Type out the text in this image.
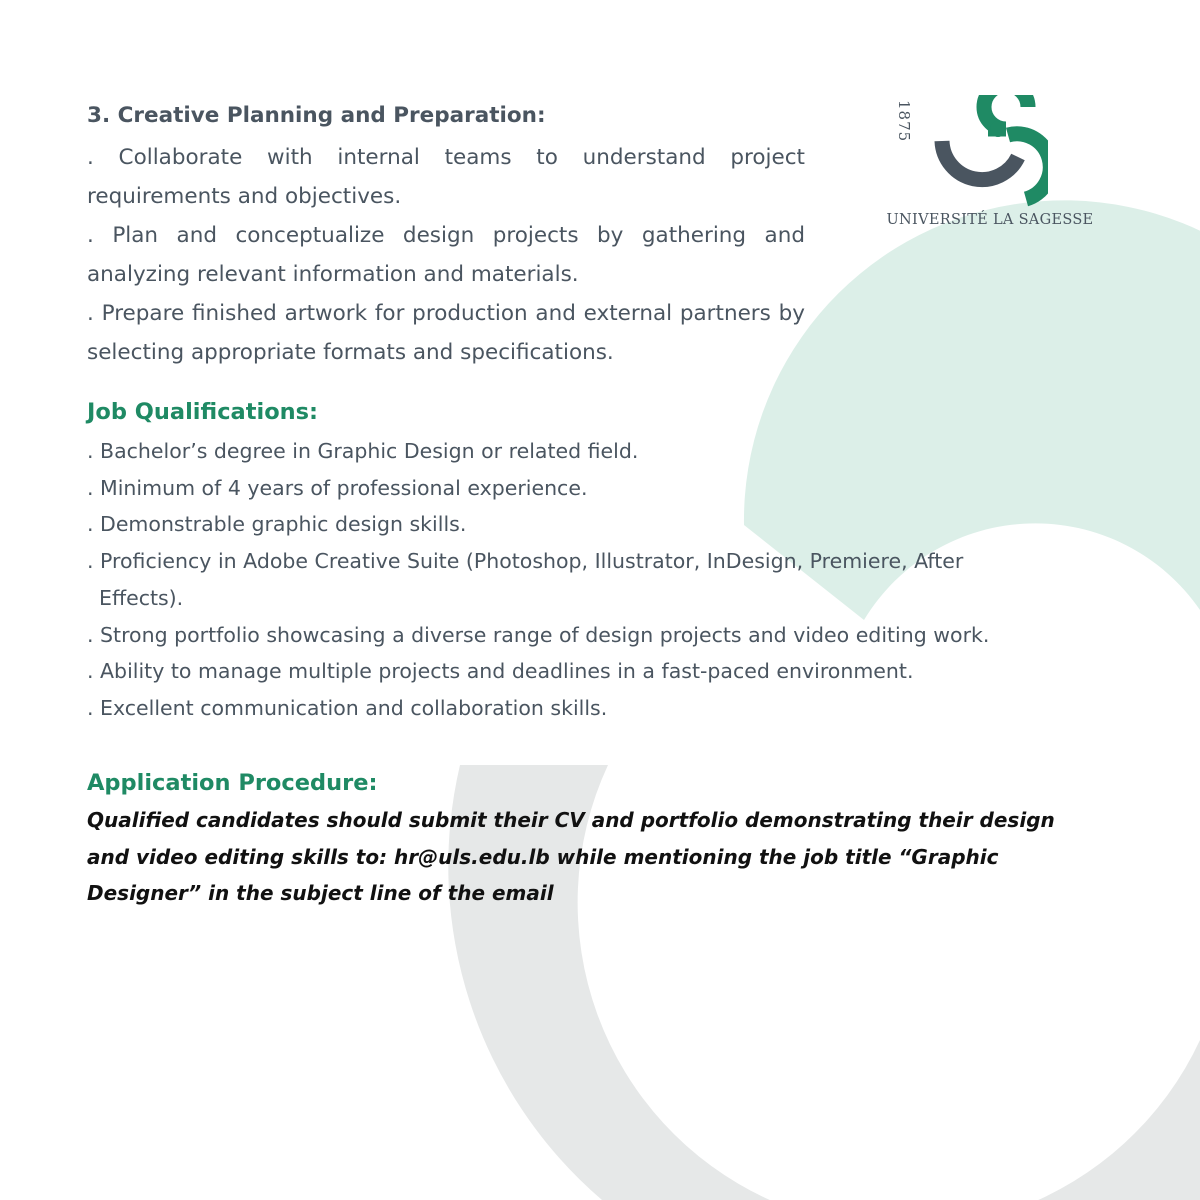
1875
UNIVERSITÉ LA SAGESSE
3. Creative Planning and Preparation:

. Collaborate with internal teams to understand project requirements and objectives.

. Plan and conceptualize design projects by gathering and analyzing relevant information and materials.

. Prepare finished artwork for production and external partners by selecting appropriate formats and specifications.

Job Qualifications:
. Bachelor’s degree in Graphic Design or related field.
. Minimum of 4 years of professional experience.
. Demonstrable graphic design skills.
. Proficiency in Adobe Creative Suite (Photoshop, Illustrator, InDesign, Premiere, After Effects).
. Strong portfolio showcasing a diverse range of design projects and video editing work.
. Ability to manage multiple projects and deadlines in a fast-paced environment.
. Excellent communication and collaboration skills.
Application Procedure:

Qualified candidates should submit their CV and portfolio demonstrating their design and video editing skills to: hr@uls.edu.lb while mentioning the job title “Graphic Designer” in the subject line of the email
